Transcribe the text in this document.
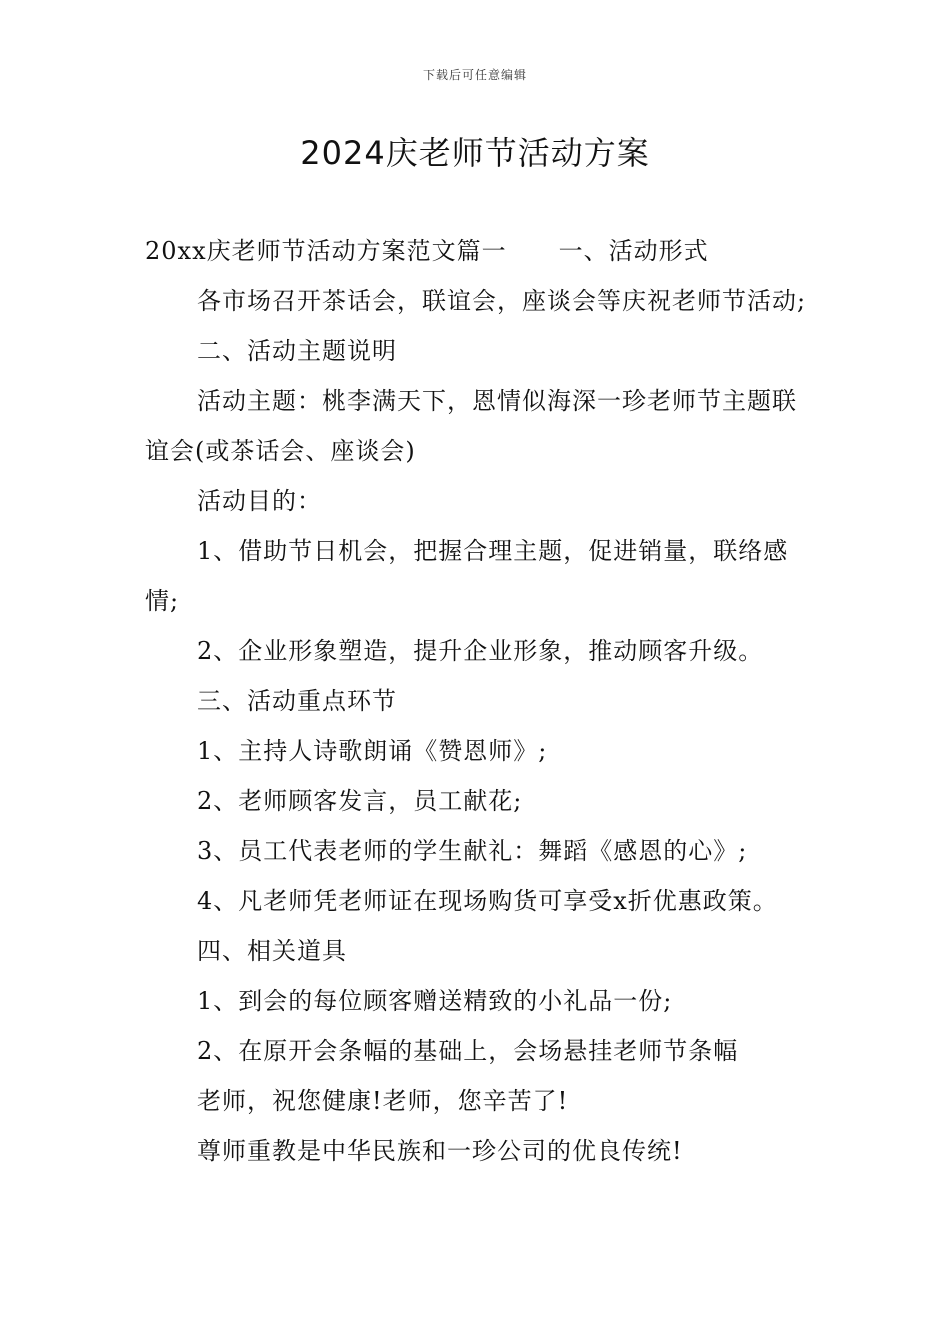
下载后可任意编辑
2024庆老师节活动方案

20xx庆老师节活动方案范文篇一 一、活动形式

各市场召开茶话会，联谊会，座谈会等庆祝老师节活动;

二、活动主题说明

活动主题：桃李满天下，恩情似海深一珍老师节主题联谊会(或茶话会、座谈会)

活动目的：

1、借助节日机会，把握合理主题，促进销量，联络感情;

2、企业形象塑造，提升企业形象，推动顾客升级。

三、活动重点环节

1、主持人诗歌朗诵《赞恩师》;

2、老师顾客发言，员工献花;

3、员工代表老师的学生献礼：舞蹈《感恩的心》;

4、凡老师凭老师证在现场购货可享受x折优惠政策。

四、相关道具

1、到会的每位顾客赠送精致的小礼品一份;

2、在原开会条幅的基础上，会场悬挂老师节条幅

老师，祝您健康!老师，您辛苦了!

尊师重教是中华民族和一珍公司的优良传统!
